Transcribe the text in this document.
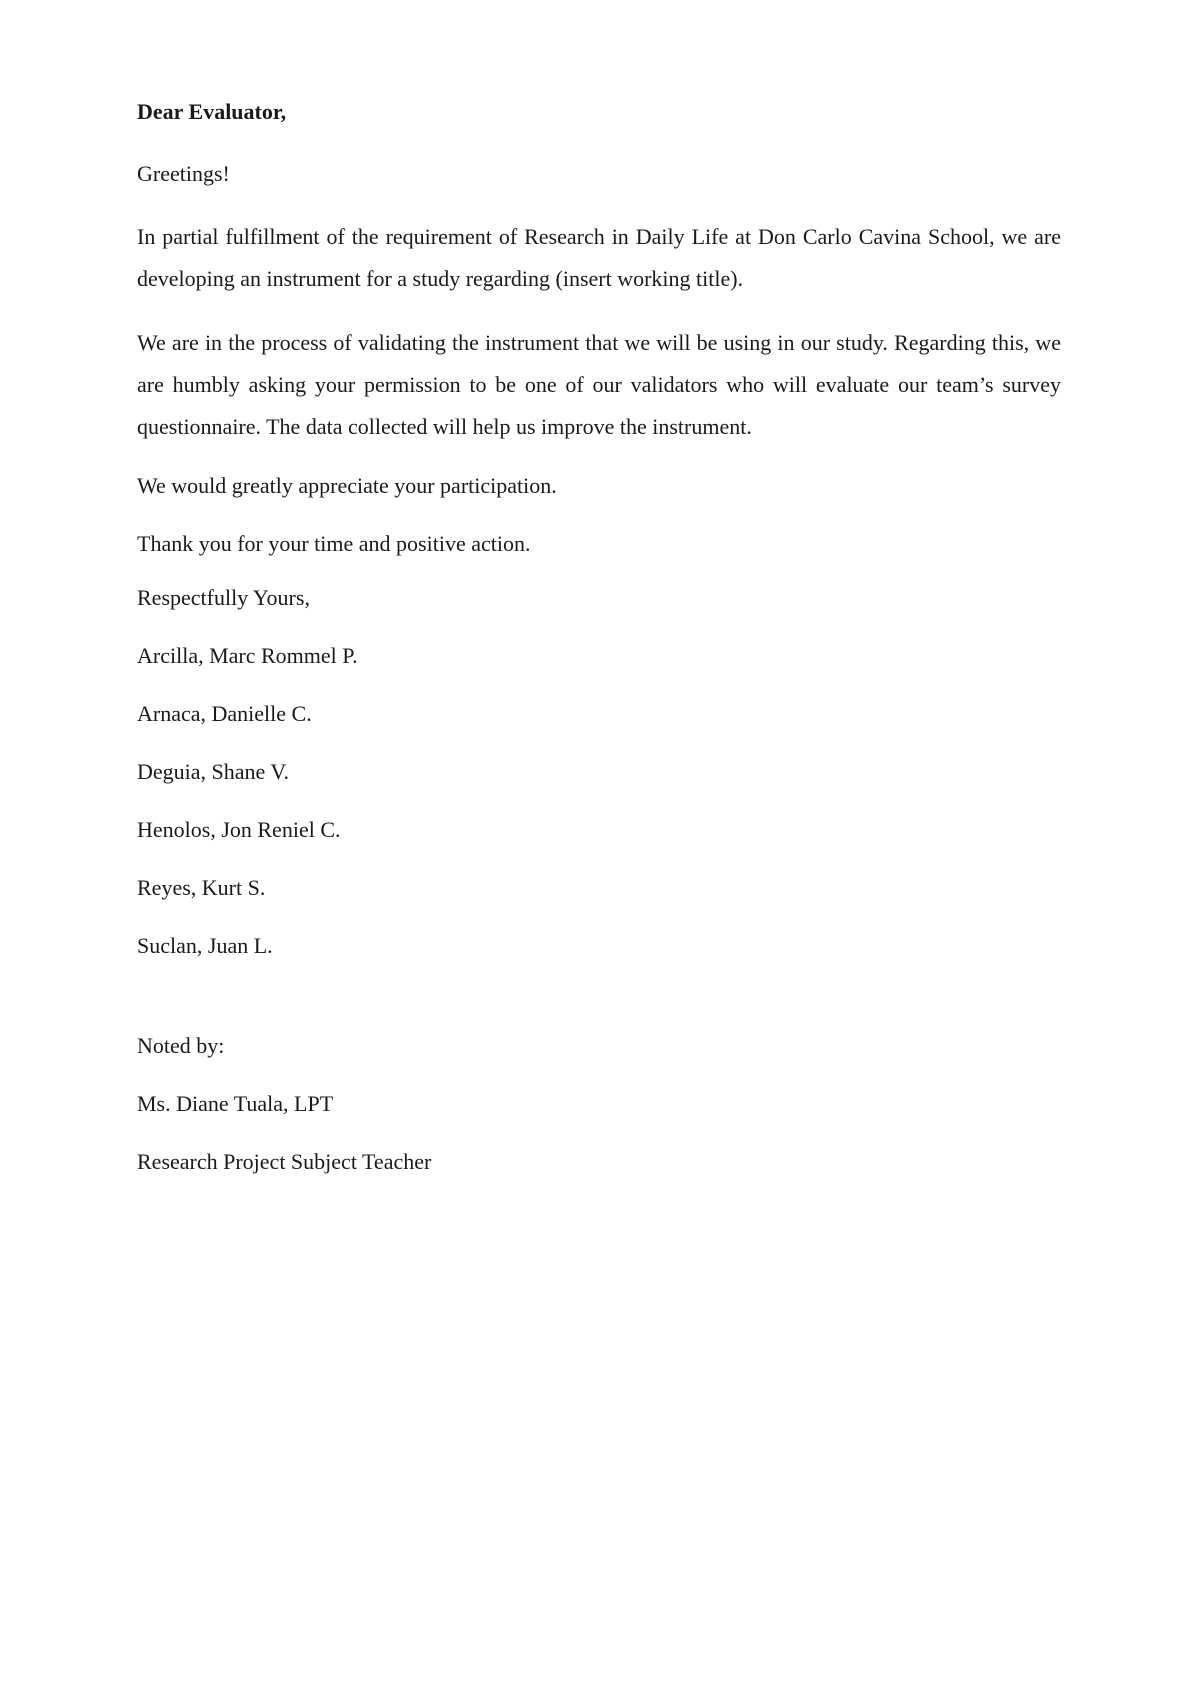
Dear Evaluator,

Greetings!

In partial fulfillment of the requirement of Research in Daily Life at Don Carlo Cavina School, we are developing an instrument for a study regarding (insert working title).

We are in the process of validating the instrument that we will be using in our study. Regarding this, we are humbly asking your permission to be one of our validators who will evaluate our team’s survey questionnaire. The data collected will help us improve the instrument.

We would greatly appreciate your participation.

Thank you for your time and positive action.

Respectfully Yours,

Arcilla, Marc Rommel P.

Arnaca, Danielle C.

Deguia, Shane V.

Henolos, Jon Reniel C.

Reyes, Kurt S.

Suclan, Juan L.

Noted by:

Ms. Diane Tuala, LPT

Research Project Subject Teacher
